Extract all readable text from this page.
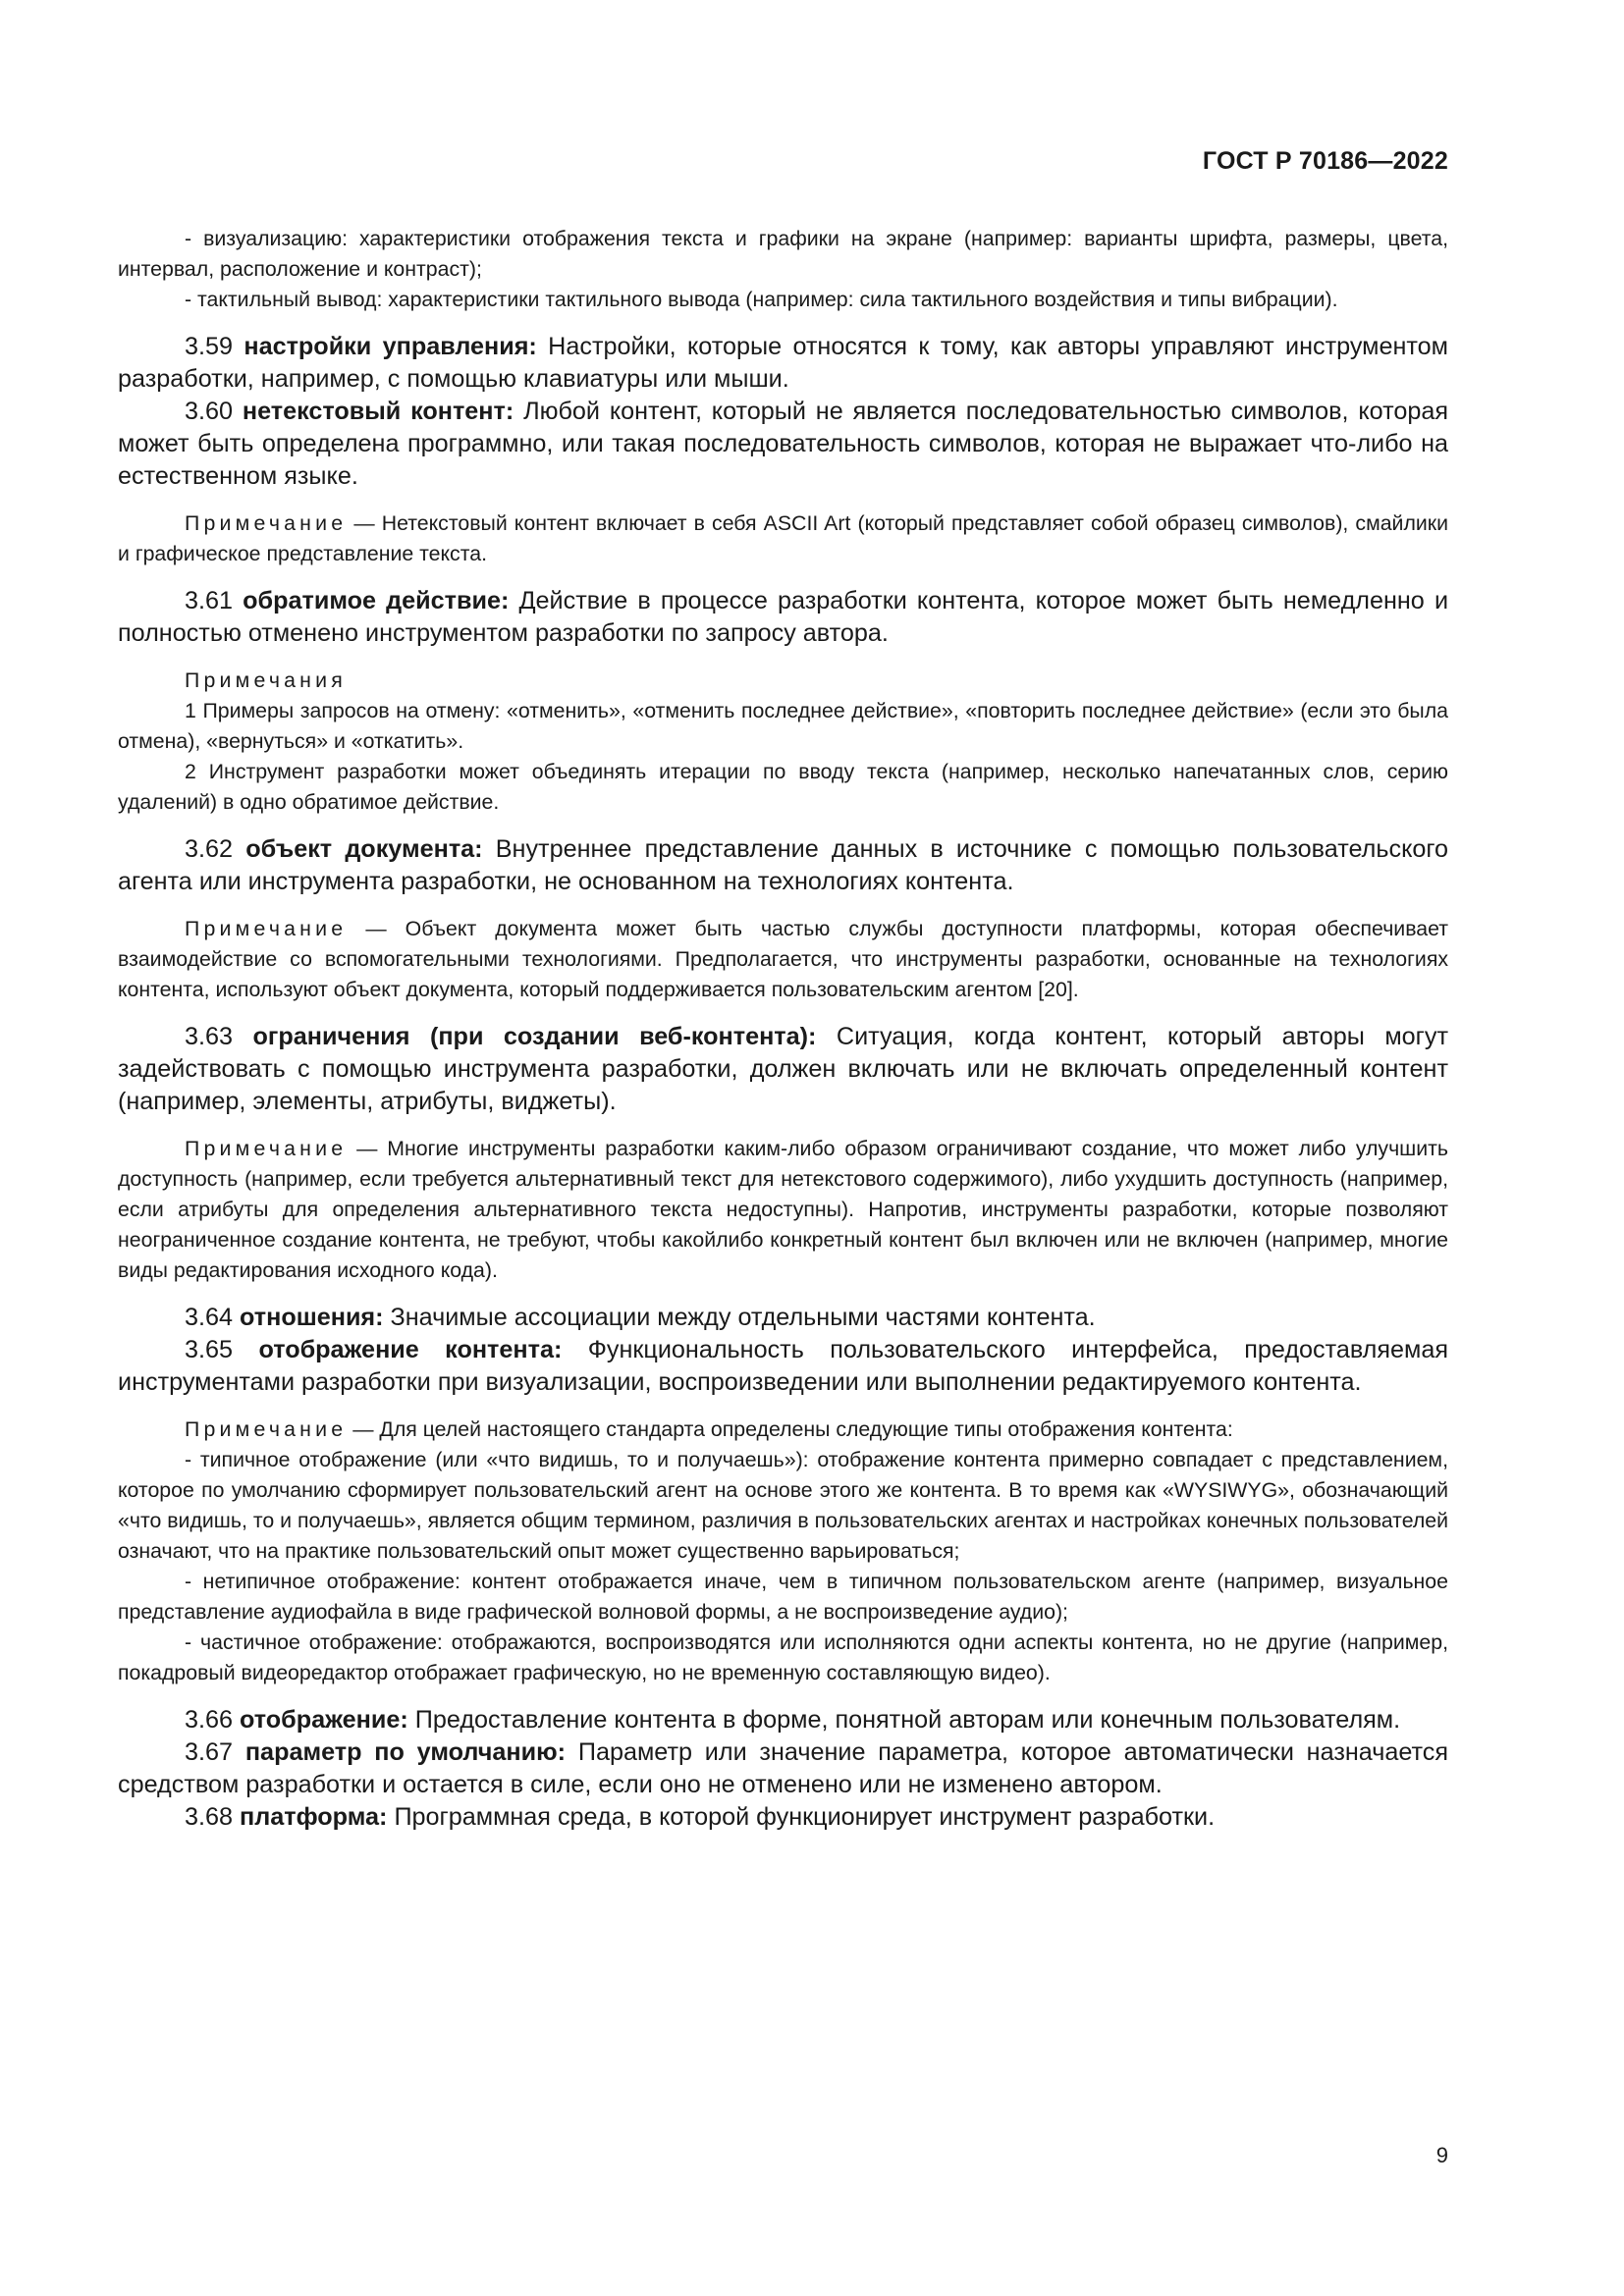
ГОСТ Р 70186—2022

- визуализацию: характеристики отображения текста и графики на экране (например: варианты шрифта, размеры, цвета, интервал, расположение и контраст);

- тактильный вывод: характеристики тактильного вывода (например: сила тактильного воздействия и типы вибрации).

3.59 настройки управления: Настройки, которые относятся к тому, как авторы управляют инструментом разработки, например, с помощью клавиатуры или мыши.

3.60 нетекстовый контент: Любой контент, который не является последовательностью символов, которая может быть определена программно, или такая последовательность символов, которая не выражает что-либо на естественном языке.

Примечание — Нетекстовый контент включает в себя ASCII Art (который представляет собой образец символов), смайлики и графическое представление текста.

3.61 обратимое действие: Действие в процессе разработки контента, которое может быть немедленно и полностью отменено инструментом разработки по запросу автора.

Примечания

1 Примеры запросов на отмену: «отменить», «отменить последнее действие», «повторить последнее действие» (если это была отмена), «вернуться» и «откатить».

2 Инструмент разработки может объединять итерации по вводу текста (например, несколько напечатанных слов, серию удалений) в одно обратимое действие.

3.62 объект документа: Внутреннее представление данных в источнике с помощью пользовательского агента или инструмента разработки, не основанном на технологиях контента.

Примечание — Объект документа может быть частью службы доступности платформы, которая обеспечивает взаимодействие со вспомогательными технологиями. Предполагается, что инструменты разработки, основанные на технологиях контента, используют объект документа, который поддерживается пользовательским агентом [20].

3.63 ограничения (при создании веб-контента): Ситуация, когда контент, который авторы могут задействовать с помощью инструмента разработки, должен включать или не включать определенный контент (например, элементы, атрибуты, виджеты).

Примечание — Многие инструменты разработки каким-либо образом ограничивают создание, что может либо улучшить доступность (например, если требуется альтернативный текст для нетекстового содержимого), либо ухудшить доступность (например, если атрибуты для определения альтернативного текста недоступны). Напротив, инструменты разработки, которые позволяют неограниченное создание контента, не требуют, чтобы какойлибо конкретный контент был включен или не включен (например, многие виды редактирования исходного кода).

3.64 отношения: Значимые ассоциации между отдельными частями контента.

3.65 отображение контента: Функциональность пользовательского интерфейса, предоставляемая инструментами разработки при визуализации, воспроизведении или выполнении редактируемого контента.

Примечание — Для целей настоящего стандарта определены следующие типы отображения контента:

- типичное отображение (или «что видишь, то и получаешь»): отображение контента примерно совпадает с представлением, которое по умолчанию сформирует пользовательский агент на основе этого же контента. В то время как «WYSIWYG», обозначающий «что видишь, то и получаешь», является общим термином, различия в пользовательских агентах и настройках конечных пользователей означают, что на практике пользовательский опыт может существенно варьироваться;

- нетипичное отображение: контент отображается иначе, чем в типичном пользовательском агенте (например, визуальное представление аудиофайла в виде графической волновой формы, а не воспроизведение аудио);

- частичное отображение: отображаются, воспроизводятся или исполняются одни аспекты контента, но не другие (например, покадровый видеоредактор отображает графическую, но не временную составляющую видео).

3.66 отображение: Предоставление контента в форме, понятной авторам или конечным пользователям.

3.67 параметр по умолчанию: Параметр или значение параметра, которое автоматически назначается средством разработки и остается в силе, если оно не отменено или не изменено автором.

3.68 платформа: Программная среда, в которой функционирует инструмент разработки.

9
